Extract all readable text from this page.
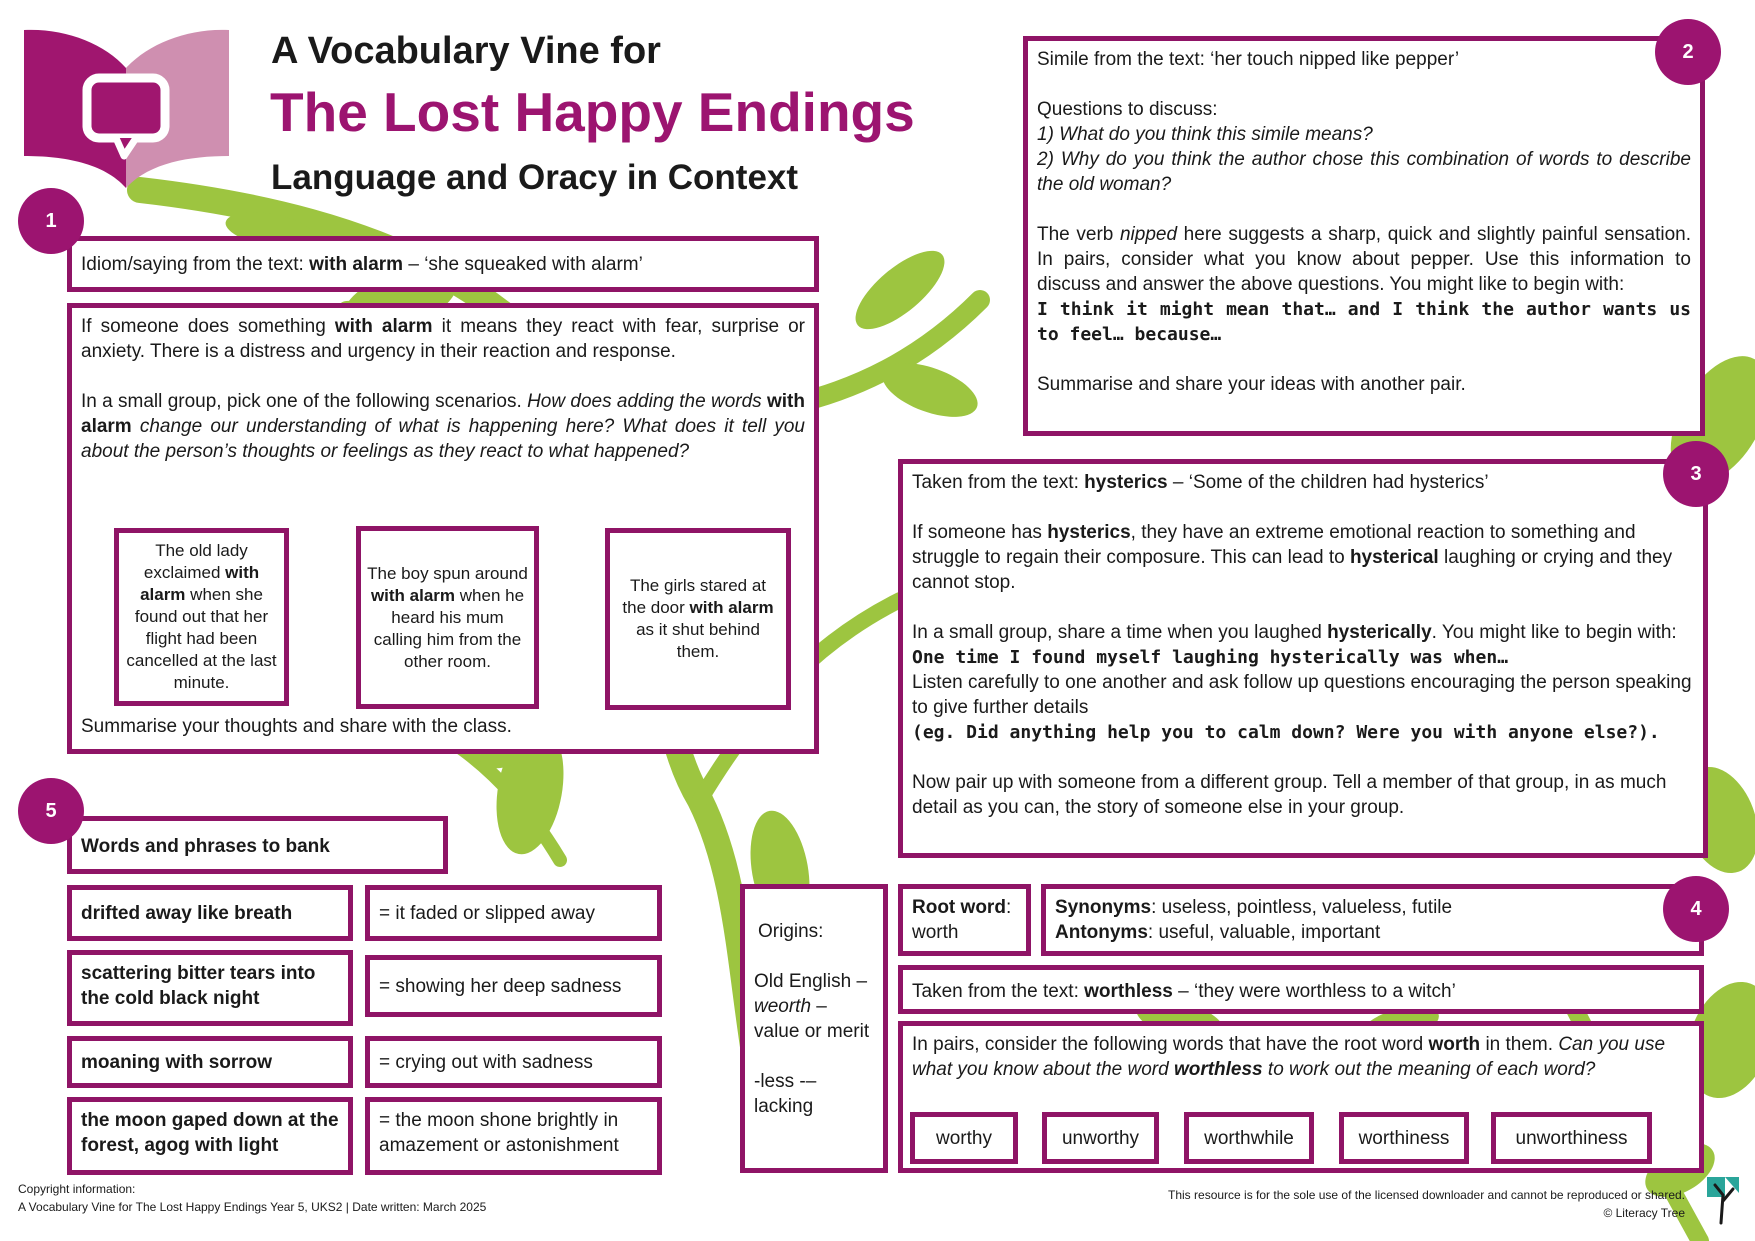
A Vocabulary Vine for
The Lost Happy Endings
Language and Oracy in Context
1
Idiom/saying from the text: with alarm – ‘she squeaked with alarm’

If someone does something with alarm it means they react with fear, surprise or anxiety. There is a distress and urgency in their reaction and response.

In a small group, pick one of the following scenarios. How does adding the words with alarm change our understanding of what is happening here? What does it tell you about the person’s thoughts or feelings as they react to what happened?

Summarise your thoughts and share with the class.

The old lady exclaimed with alarm when she found out that her flight had been cancelled at the last minute.

The boy spun around with alarm when he heard his mum calling him from the other room.

The girls stared at the door with alarm as it shut behind them.

2

Simile from the text: ‘her touch nipped like pepper’

Questions to discuss:

1) What do you think this simile means?

2) Why do you think the author chose this combination of words to describe the old woman?

The verb nipped here suggests a sharp, quick and slightly painful sensation. In pairs, consider what you know about pepper. Use this information to discuss and answer the above questions. You might like to begin with:

I think it might mean that… and I think the author wants us to feel… because…

Summarise and share your ideas with another pair.

3

Taken from the text: hysterics – ‘Some of the children had hysterics’

If someone has hysterics, they have an extreme emotional reaction to something and struggle to regain their composure. This can lead to hysterical laughing or crying and they cannot stop.

In a small group, share a time when you laughed hysterically. You might like to begin with:

One time I found myself laughing hysterically was when…

Listen carefully to one another and ask follow up questions encouraging the person speaking to give further details

(eg. Did anything help you to calm down? Were you with anyone else?).

Now pair up with someone from a different group. Tell a member of that group, in as much detail as you can, the story of someone else in your group.

4

Origins:

Old English –
weorth – value or merit

-less -– lacking

Root word:

worth

Synonyms: useless, pointless, valueless, futile

Antonyms: useful, valuable, important

Taken from the text: worthless – ‘they were worthless to a witch’

In pairs, consider the following words that have the root word worth in them. Can you use what you know about the word worthless to work out the meaning of each word?

worthy	unworthy	worthwhile	worthiness	unworthiness
5
Words and phrases to bank
drifted away like breath	= it faded or slipped away
scattering bitter tears into the cold black night
= showing her deep sadness
moaning with sorrow	= crying out with sadness
the moon gaped down at the forest, agog with light
= the moon shone brightly in amazement or astonishment
Copyright information:
A Vocabulary Vine for The Lost Happy Endings Year 5, UKS2 | Date written: March 2025
This resource is for the sole use of the licensed downloader and cannot be reproduced or shared.
© Literacy Tree
